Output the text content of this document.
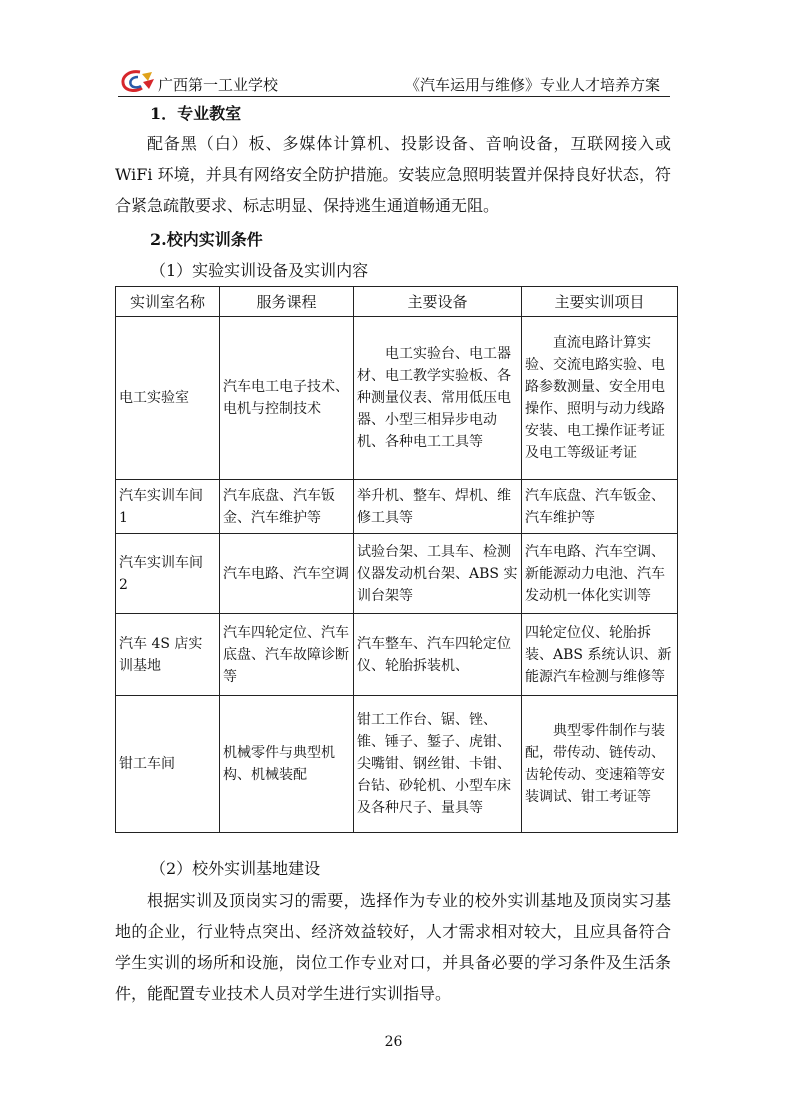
广西第一工业学校	《汽车运用与维修》专业人才培养方案
1．专业教室

配备黑（白）板、多媒体计算机、投影设备、音响设备，互联网接入或 WiFi 环境，并具有网络安全防护措施。安装应急照明装置并保持良好状态，符合紧急疏散要求、标志明显、保持逃生通道畅通无阻。

2.校内实训条件
（1）实验实训设备及实训内容
实训室名称	服务课程	主要设备	主要实训项目
电工实验室	汽车电工电子技术、电机与控制技术	电工实验台、电工器材、电工教学实验板、各种测量仪表、常用低压电器、小型三相异步电动机、各种电工工具等	直流电路计算实验、交流电路实验、电路参数测量、安全用电操作、照明与动力线路安装、电工操作证考证及电工等级证考证
汽车实训车间 1	汽车底盘、汽车钣金、汽车维护等	举升机、整车、焊机、维修工具等	汽车底盘、汽车钣金、汽车维护等
汽车实训车间 2	汽车电路、汽车空调	试验台架、工具车、检测仪器发动机台架、ABS 实训台架等	汽车电路、汽车空调、新能源动力电池、汽车发动机一体化实训等
汽车 4S 店实训基地	汽车四轮定位、汽车底盘、汽车故障诊断等	汽车整车、汽车四轮定位仪、轮胎拆装机、	四轮定位仪、轮胎拆装、ABS 系统认识、新能源汽车检测与维修等
钳工车间	机械零件与典型机构、机械装配	钳工工作台、锯、锉、锥、锤子、錾子、虎钳、尖嘴钳、钢丝钳、卡钳、台钻、砂轮机、小型车床及各种尺子、量具等	典型零件制作与装配，带传动、链传动、齿轮传动、变速箱等安装调试、钳工考证等
（2）校外实训基地建设

根据实训及顶岗实习的需要，选择作为专业的校外实训基地及顶岗实习基地的企业，行业特点突出、经济效益较好，人才需求相对较大，且应具备符合学生实训的场所和设施，岗位工作专业对口，并具备必要的学习条件及生活条件，能配置专业技术人员对学生进行实训指导。

26
